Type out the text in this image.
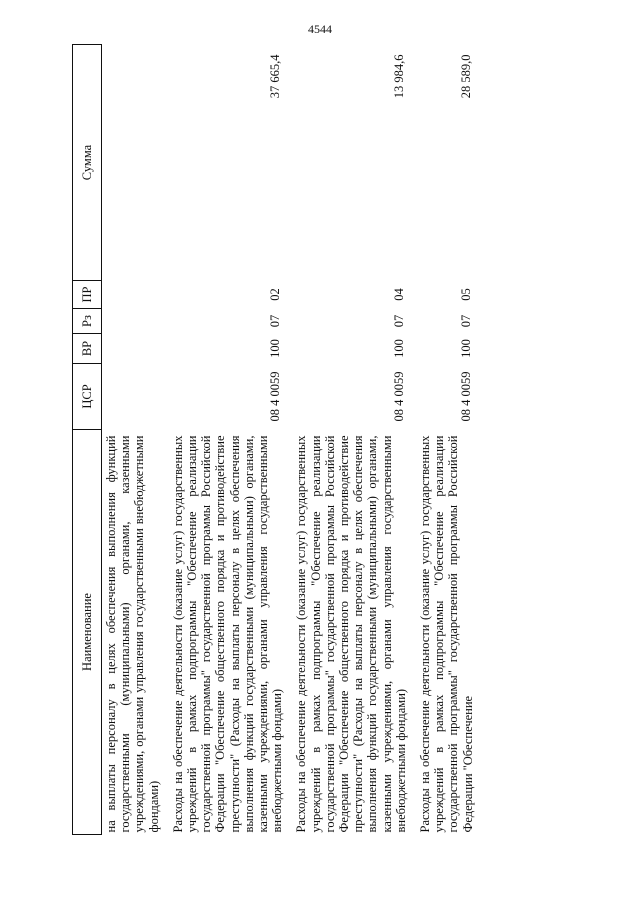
4544
Наименование	ЦСР	ВР	Рз	ПР	Сумма
на выплаты персоналу в целях обеспечения выполнения функций государственными (муниципальными) органами, казенными учреждениями, органами управления государственными внебюджетными фондами)					
Расходы на обеспечение деятельности (оказание услуг) государственных учреждений в рамках подпрограммы "Обеспечение реализации государственной программы" государственной программы Российской Федерации "Обеспечение общественного порядка и противодействие преступности" (Расходы на выплаты персоналу в целях обеспечения выполнения функций государственными (муниципальными) органами, казенными учреждениями, органами управления государственными внебюджетными фондами)	08 4 0059	100	07	02	37 665,4
Расходы на обеспечение деятельности (оказание услуг) государственных учреждений в рамках подпрограммы "Обеспечение реализации государственной программы" государственной программы Российской Федерации "Обеспечение общественного порядка и противодействие преступности" (Расходы на выплаты персоналу в целях обеспечения выполнения функций государственными (муниципальными) органами, казенными учреждениями, органами управления государственными внебюджетными фондами)	08 4 0059	100	07	04	13 984,6
Расходы на обеспечение деятельности (оказание услуг) государственных учреждений в рамках подпрограммы "Обеспечение реализации государственной программы" государственной программы Российской Федерации "Обеспечение	08 4 0059	100	07	05	28 589,0
